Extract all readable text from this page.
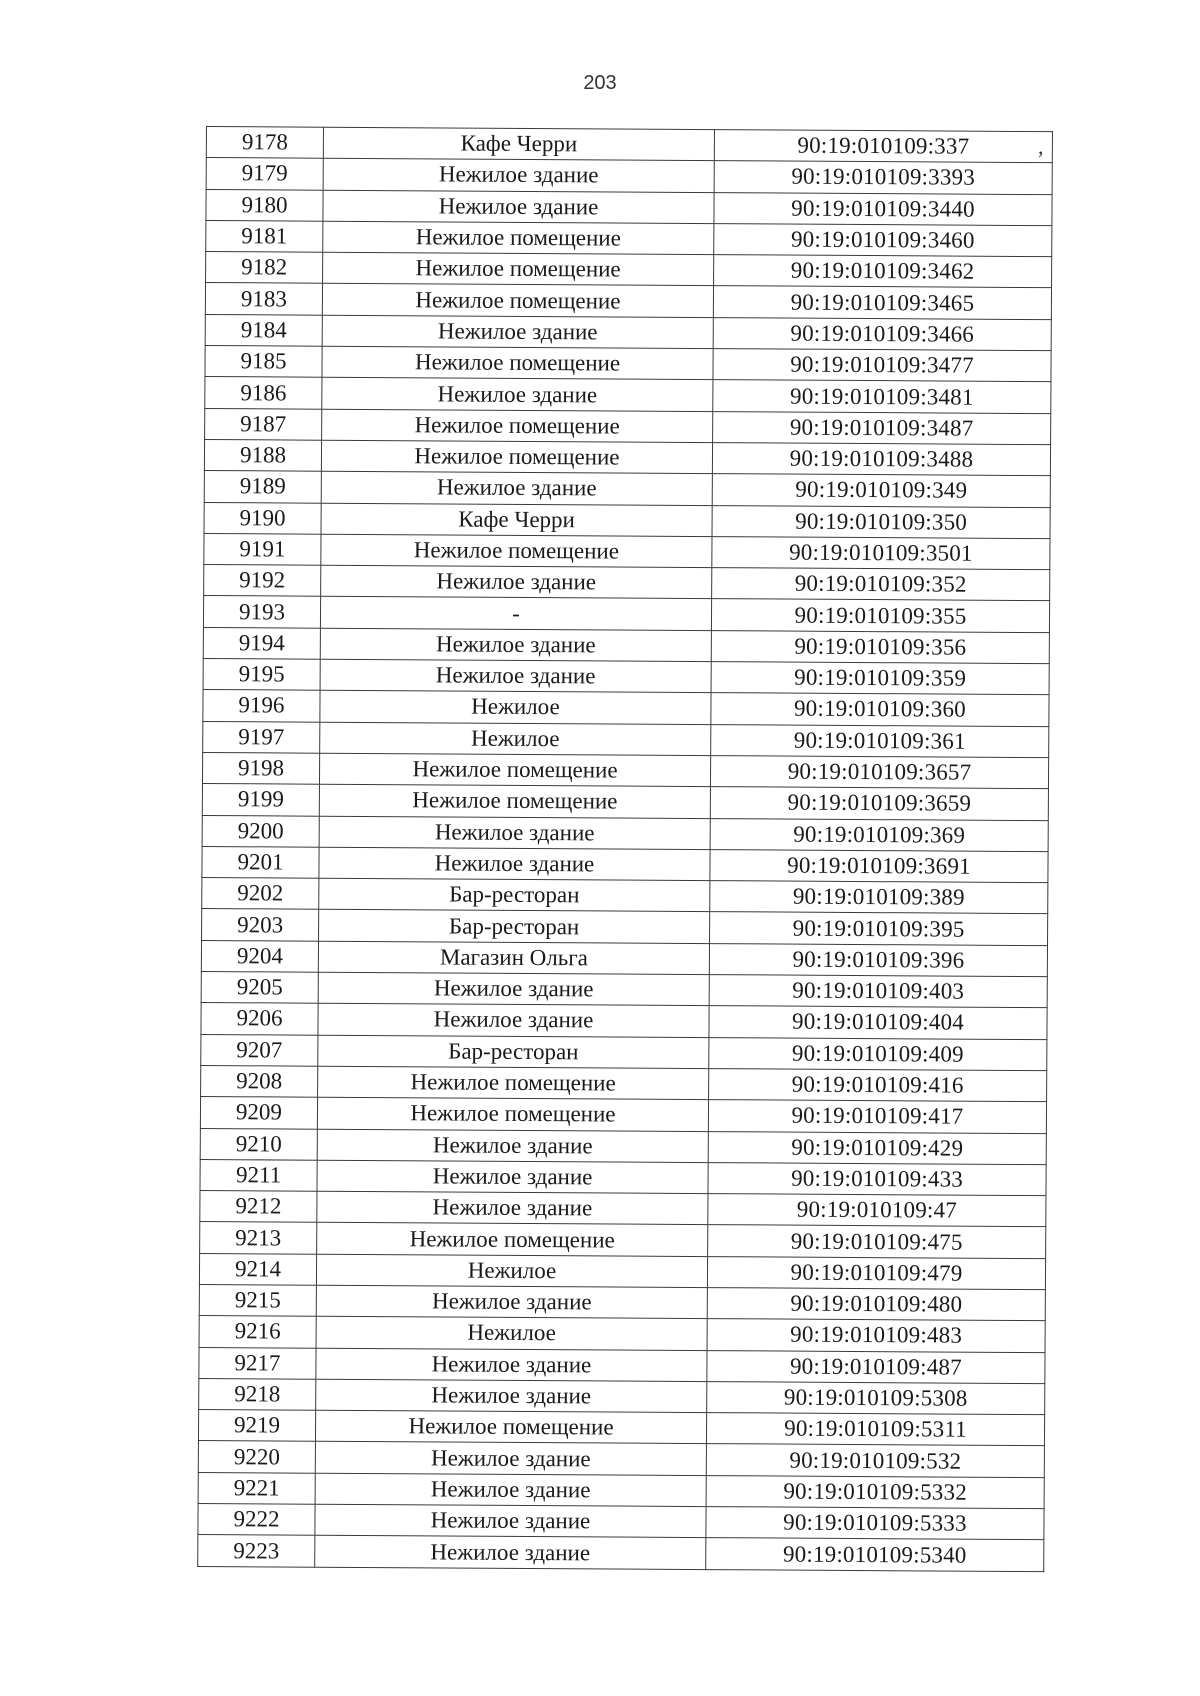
203
,
9178	Кафе Черри	90:19:010109:337
9179	Нежилое здание	90:19:010109:3393
9180	Нежилое здание	90:19:010109:3440
9181	Нежилое помещение	90:19:010109:3460
9182	Нежилое помещение	90:19:010109:3462
9183	Нежилое помещение	90:19:010109:3465
9184	Нежилое здание	90:19:010109:3466
9185	Нежилое помещение	90:19:010109:3477
9186	Нежилое здание	90:19:010109:3481
9187	Нежилое помещение	90:19:010109:3487
9188	Нежилое помещение	90:19:010109:3488
9189	Нежилое здание	90:19:010109:349
9190	Кафе Черри	90:19:010109:350
9191	Нежилое помещение	90:19:010109:3501
9192	Нежилое здание	90:19:010109:352
9193	-	90:19:010109:355
9194	Нежилое здание	90:19:010109:356
9195	Нежилое здание	90:19:010109:359
9196	Нежилое	90:19:010109:360
9197	Нежилое	90:19:010109:361
9198	Нежилое помещение	90:19:010109:3657
9199	Нежилое помещение	90:19:010109:3659
9200	Нежилое здание	90:19:010109:369
9201	Нежилое здание	90:19:010109:3691
9202	Бар-ресторан	90:19:010109:389
9203	Бар-ресторан	90:19:010109:395
9204	Магазин Ольга	90:19:010109:396
9205	Нежилое здание	90:19:010109:403
9206	Нежилое здание	90:19:010109:404
9207	Бар-ресторан	90:19:010109:409
9208	Нежилое помещение	90:19:010109:416
9209	Нежилое помещение	90:19:010109:417
9210	Нежилое здание	90:19:010109:429
9211	Нежилое здание	90:19:010109:433
9212	Нежилое здание	90:19:010109:47
9213	Нежилое помещение	90:19:010109:475
9214	Нежилое	90:19:010109:479
9215	Нежилое здание	90:19:010109:480
9216	Нежилое	90:19:010109:483
9217	Нежилое здание	90:19:010109:487
9218	Нежилое здание	90:19:010109:5308
9219	Нежилое помещение	90:19:010109:5311
9220	Нежилое здание	90:19:010109:532
9221	Нежилое здание	90:19:010109:5332
9222	Нежилое здание	90:19:010109:5333
9223	Нежилое здание	90:19:010109:5340
